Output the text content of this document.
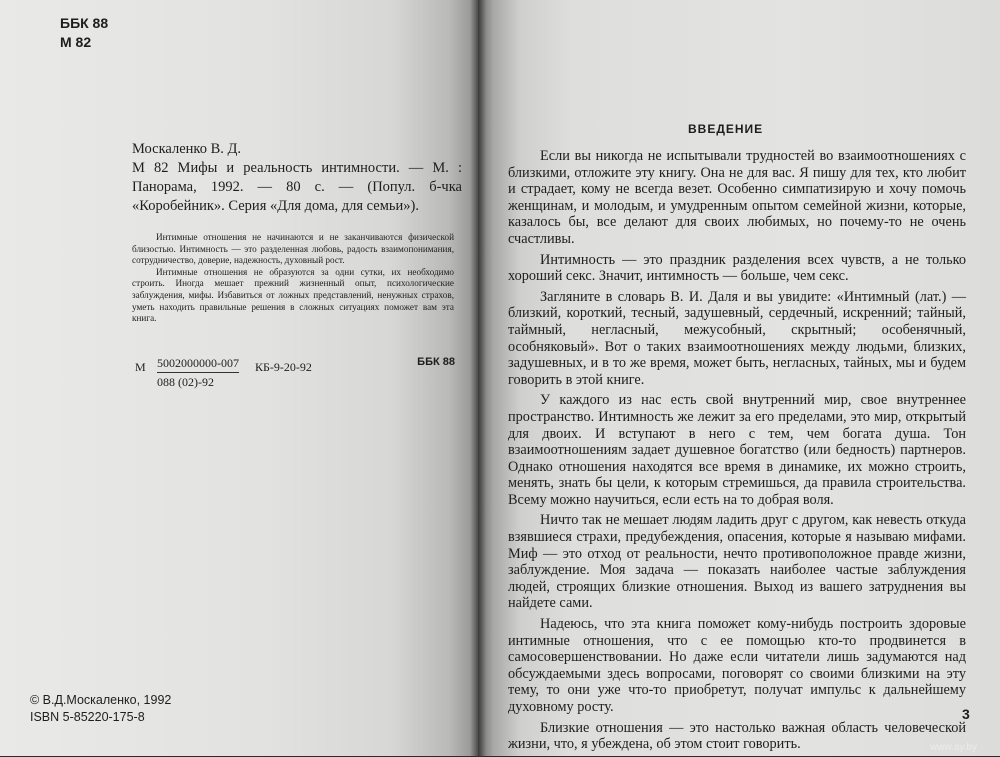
ББК 88
М 82
Москаленко В. Д.
М 82 Мифы и реальность интимности. — М. : Панорама, 1992. — 80 с. — (Попул. б-чка «Коробейник». Серия «Для дома, для семьи»).

Интимные отношения не начинаются и не заканчиваются физической близостью. Интимность — это разделенная любовь, радость взаимопонимания, сотрудничество, доверие, надежность, духовный рост.

Интимные отношения не образуются за одни сутки, их необходимо строить. Иногда мешает прежний жизненный опыт, психологические заблуждения, мифы. Избавиться от ложных представлений, ненужных страхов, уметь находить правильные решения в сложных ситуациях поможет вам эта книга.

М $\frac{5002000000-007}{088 (02)-92} КБ-9-20-92$	ББК 88
© В.Д.Москаленко, 1992
ISBN 5-85220-175-8
ВВЕДЕНИЕ

Если вы никогда не испытывали трудностей во взаимоотношениях с близкими, отложите эту книгу. Она не для вас. Я пишу для тех, кто любит и страдает, кому не всегда везет. Особенно симпатизирую и хочу помочь женщинам, и молодым, и умудренным опытом семейной жизни, которые, казалось бы, все делают для своих любимых, но почему-то не очень счастливы.

Интимность — это праздник разделения всех чувств, а не только хороший секс. Значит, интимность — больше, чем секс.

Загляните в словарь В. И. Даля и вы увидите: «Интимный (лат.) — близкий, короткий, тесный, задушевный, сердечный, искренний; тайный, таймный, негласный, межусобный, скрытный; особенячный, особняковый». Вот о таких взаимоотношениях между людьми, близких, задушевных, и в то же время, может быть, негласных, тайных, мы и будем говорить в этой книге.

У каждого из нас есть свой внутренний мир, свое внутреннее пространство. Интимность же лежит за его пределами, это мир, открытый для двоих. И вступают в него с тем, чем богата душа. Тон взаимоотношениям задает душевное богатство (или бедность) партнеров. Однако отношения находятся все время в динамике, их можно строить, менять, знать бы цели, к которым стремишься, да правила строительства. Всему можно научиться, если есть на то добрая воля.

Ничто так не мешает людям ладить друг с другом, как невесть откуда взявшиеся страхи, предубеждения, опасения, которые я называю мифами. Миф — это отход от реальности, нечто противоположное правде жизни, заблуждение. Моя задача — показать наиболее частые заблуждения людей, строящих близкие отношения. Выход из вашего затруднения вы найдете сами.

Надеюсь, что эта книга поможет кому-нибудь построить здоровые интимные отношения, что с ее помощью кто-то продвинется в самосовершенствовании. Но даже если читатели лишь задумаются над обсуждаемыми здесь вопросами, поговорят со своими близкими на эту тему, то они уже что-то приобретут, получат импульс к дальнейшему духовному росту.

Близкие отношения — это настолько важная область человеческой жизни, что, я убеждена, об этом стоит говорить.

3
www.ay.by
